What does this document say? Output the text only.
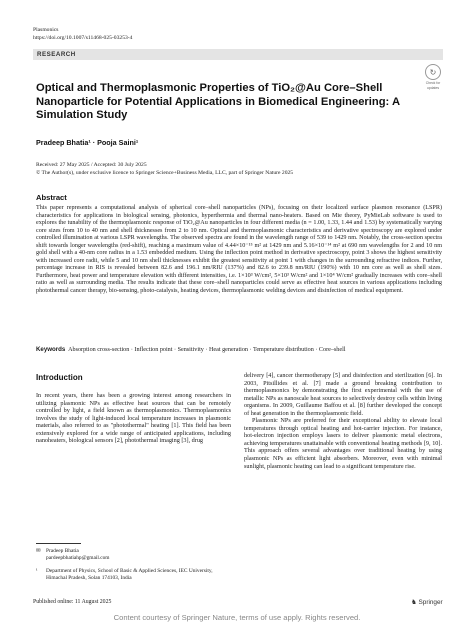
Plasmonics
https://doi.org/10.1007/s11468-025-03253-4
RESEARCH
↻
Check for
updates
Optical and Thermoplasmonic Properties of TiO₂@Au Core–Shell Nanoparticle for Potential Applications in Biomedical Engineering: A Simulation Study
Pradeep Bhatia¹ · Pooja Saini¹
Received: 27 May 2025 / Accepted: 30 July 2025
© The Author(s), under exclusive licence to Springer Science+Business Media, LLC, part of Springer Nature 2025
Abstract
This paper represents a computational analysis of spherical core–shell nanoparticles (NPs), focusing on their localized surface plasmon resonance (LSPR) characteristics for applications in biological sensing, photonics, hyperthermia and thermal nano-heaters. Based on Mie theory, PyMieLab software is used to explores the tunability of the thermoplasmonic response of TiO₂@Au nanoparticles in four different media (n = 1.00, 1.33, 1.44 and 1.53) by systematically varying core sizes from 10 to 40 nm and shell thicknesses from 2 to 10 nm. Optical and thermoplasmonic characteristics and derivative spectroscopy are explored under controlled illumination at various LSPR wavelengths. The observed spectra are found in the wavelength range of 539 to 1429 nm. Notably, the cross-section spectra shift towards longer wavelengths (red-shift), reaching a maximum value of 4.44×10⁻¹⁵ m² at 1429 nm and 5.16×10⁻¹⁴ m² at 690 nm wavelengths for 2 and 10 nm gold shell with a 40-nm core radius in a 1.53 embedded medium. Using the inflection point method in derivative spectroscopy, point 3 shows the highest sensitivity with increased core radii, while 5 and 10 nm shell thicknesses exhibit the greatest sensitivity at point 1 with changes in the surrounding refractive indices. Further, percentage increase in RIS is revealed between 82.6 and 196.1 nm/RIU (137%) and 82.6 to 239.8 nm/RIU (190%) with 10 nm core as well as shell sizes. Furthermore, heat power and temperature elevation with different intensities, i.e. 1×10³ W/cm², 5×10³ W/cm² and 1×10⁴ W/cm² gradually increases with core–shell ratio as well as surrounding media. The results indicate that these core–shell nanoparticles could serve as effective heat sources in various applications including photothermal cancer therapy, bio-sensing, photo-catalysis, heating devices, thermoplasmonic welding devices and disinfection of medical equipment.
Keywords Absorption cross-section · Inflection point · Sensitivity · Heat generation · Temperature distribution · Core–shell
Introduction

In recent years, there has been a growing interest among researchers in utilizing plasmonic NPs as effective heat sources that can be remotely controlled by light, a field known as thermoplasmonics. Thermoplasmonics involves the study of light-induced local temperature increases in plasmonic materials, also referred to as "photothermal" heating [1]. This field has been extensively explored for a wide range of anticipated applications, including nanoheaters, biological sensors [2], photothermal imaging [3], drug

delivery [4], cancer thermotherapy [5] and disinfection and sterilization [6]. In 2003, Pitsillides et al. [7] made a ground breaking contribution to thermoplasmonics by demonstrating the first experimental with the use of metallic NPs as nanoscale heat sources to selectively destroy cells within living organisms. In 2009, Guillaume Baffou et al. [8] further developed the concept of heat generation in the thermoplasmonic field.

Plasmonic NPs are preferred for their exceptional ability to elevate local temperatures through optical heating and hot-carrier injection. For instance, hot-electron injection employs lasers to deliver plasmonic metal electrons, achieving temperatures unattainable with conventional heating methods [9, 10]. This approach offers several advantages over traditional heating by using plasmonic NPs as efficient light absorbers. Moreover, even with minimal sunlight, plasmonic heating can lead to a significant temperature rise.

✉ Pradeep Bhatia
pardeepbhatiahp@gmail.com
¹ Department of Physics, School of Basic & Applied Sciences, IEC University, Himachal Pradesh, Solan 174103, India
Published online: 11 August 2025	♞ Springer
Content courtesy of Springer Nature, terms of use apply. Rights reserved.
